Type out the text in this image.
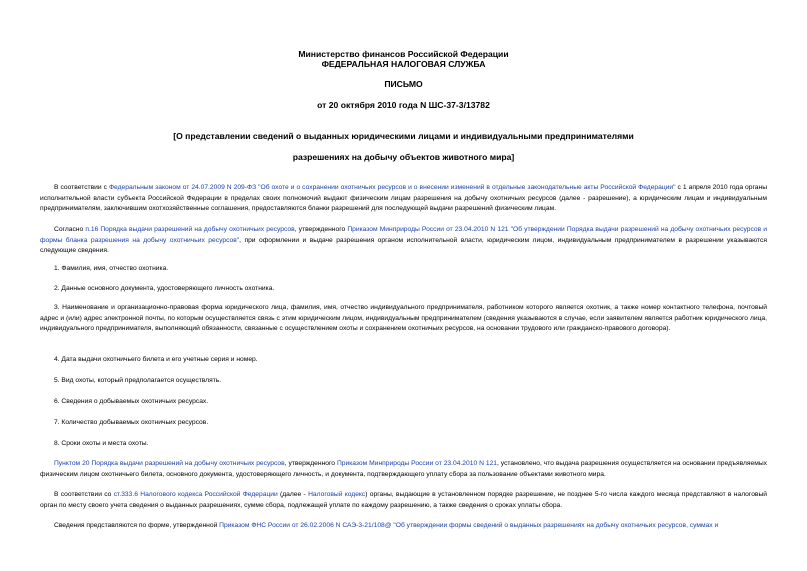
Министерство финансов Российской Федерации
ФЕДЕРАЛЬНАЯ НАЛОГОВАЯ СЛУЖБА
ПИСЬМО
от 20 октября 2010 года N ШС-37-3/13782
[О представлении сведений о выданных юридическими лицами и индивидуальными предпринимателями
разрешениях на добычу объектов животного мира]

В соответствии с Федеральным законом от 24.07.2009 N 209-ФЗ "Об охоте и о сохранении охотничьих ресурсов и о внесении изменений в отдельные законодательные акты Российской Федерации" с 1 апреля 2010 года органы исполнительной власти субъекта Российской Федерации в пределах своих полномочий выдают физическим лицам разрешения на добычу охотничьих ресурсов (далее - разрешение), а юридическим лицам и индивидуальным предпринимателям, заключившим охотхозяйственные соглашения, предоставляются бланки разрешений для последующей выдачи разрешений физическим лицам.

Согласно п.16 Порядка выдачи разрешений на добычу охотничьих ресурсов, утвержденного Приказом Минприроды России от 23.04.2010 N 121 "Об утверждении Порядка выдачи разрешений на добычу охотничьих ресурсов и формы бланка разрешения на добычу охотничьих ресурсов", при оформлении и выдаче разрешения органом исполнительной власти, юридическим лицом, индивидуальным предпринимателем в разрешении указываются следующие сведения.

1. Фамилия, имя, отчество охотника.
2. Данные основного документа, удостоверяющего личность охотника.

3. Наименование и организационно-правовая форма юридического лица, фамилия, имя, отчество индивидуального предпринимателя, работником которого является охотник, а также номер контактного телефона, почтовый адрес и (или) адрес электронной почты, по которым осуществляется связь с этим юридическим лицом, индивидуальным предпринимателем (сведения указываются в случае, если заявителем является работник юридического лица, индивидуального предпринимателя, выполняющий обязанности, связанные с осуществлением охоты и сохранением охотничьих ресурсов, на основании трудового или гражданско-правового договора).

4. Дата выдачи охотничьего билета и его учетные серия и номер.
5. Вид охоты, который предполагается осуществлять.
6. Сведения о добываемых охотничьих ресурсах.
7. Количество добываемых охотничьих ресурсов.
8. Сроки охоты и места охоты.

Пунктом 20 Порядка выдачи разрешений на добычу охотничьих ресурсов, утвержденного Приказом Минприроды России от 23.04.2010 N 121, установлено, что выдача разрешения осуществляется на основании предъявляемых физическим лицом охотничьего билета, основного документа, удостоверяющего личность, и документа, подтверждающего уплату сбора за пользование объектами животного мира.

В соответствии со ст.333.6 Налогового кодекса Российской Федерации (далее - Налоговый кодекс) органы, выдающие в установленном порядке разрешение, не позднее 5-го числа каждого месяца представляют в налоговый орган по месту своего учета сведения о выданных разрешениях, сумме сбора, подлежащей уплате по каждому разрешению, а также сведения о сроках уплаты сбора.

Сведения представляются по форме, утвержденной Приказом ФНС России от 26.02.2006 N САЭ-3-21/108@ "Об утверждении формы сведений о выданных разрешениях на добычу охотничьих ресурсов, суммах и
